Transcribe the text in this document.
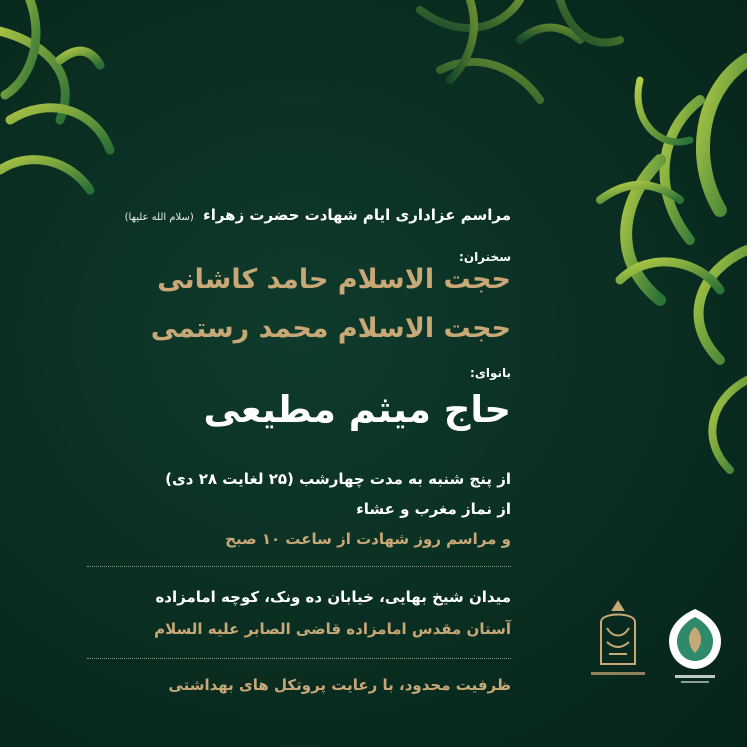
مراسم عزاداری ایام شهادت حضرت زهراء (سلام الله علیها)
سخنران:
حجت الاسلام حامد کاشانی
حجت الاسلام محمد رستمی
بانوای:
حاج میثم مطیعی
از پنج شنبه به مدت چهارشب (۲۵ لغایت ۲۸ دی)
از نماز مغرب و عشاء
و مراسم روز شهادت از ساعت ۱۰ صبح
میدان شیخ بهایی، خیابان ده ونک، کوچه امامزاده
آستان مقدس امامزاده قاضی الصابر علیه السلام
ظرفیت محدود، با رعایت پروتکل های بهداشتی
